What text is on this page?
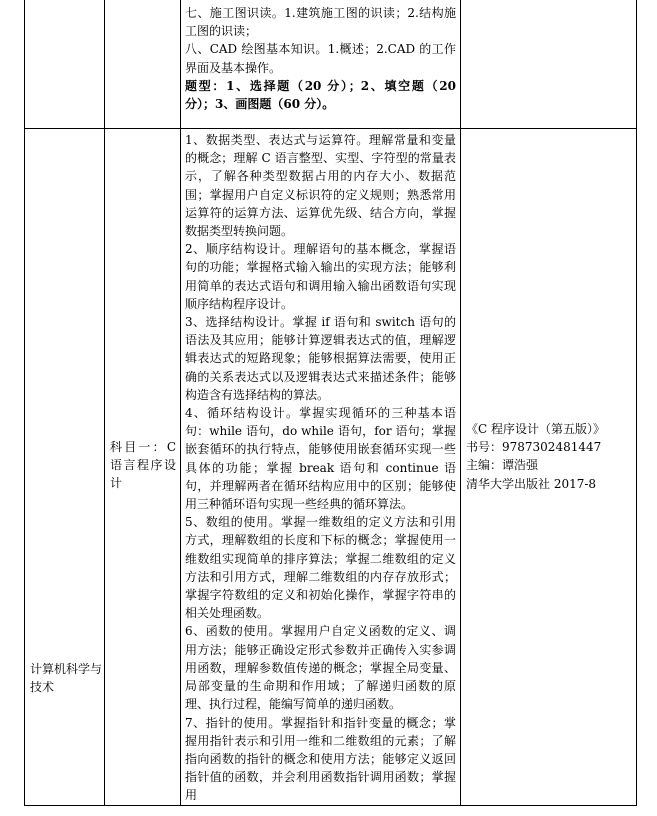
七、施工图识读。1.建筑施工图的识读；2.结构施工图的识读；

八、CAD 绘图基本知识。1.概述；2.CAD 的工作界面及基本操作。

题型：1、选择题（20 分）；2、填空题（20 分）；3、画图题（60 分）。

计算机科学与技术

科目一：C 语言程序设计

1、数据类型、表达式与运算符。理解常量和变量的概念；理解 C 语言整型、实型、字符型的常量表示，了解各种类型数据占用的内存大小、数据范围；掌握用户自定义标识符的定义规则；熟悉常用运算符的运算方法、运算优先级、结合方向，掌握数据类型转换问题。

2、顺序结构设计。理解语句的基本概念，掌握语句的功能；掌握格式输入输出的实现方法；能够利用简单的表达式语句和调用输入输出函数语句实现顺序结构程序设计。

3、选择结构设计。掌握 if 语句和 switch 语句的语法及其应用；能够计算逻辑表达式的值，理解逻辑表达式的短路现象；能够根据算法需要，使用正确的关系表达式以及逻辑表达式来描述条件；能够构造含有选择结构的算法。

4、循环结构设计。掌握实现循环的三种基本语句：while 语句，do while 语句，for 语句；掌握嵌套循环的执行特点，能够使用嵌套循环实现一些具体的功能；掌握 break 语句和 continue 语句，并理解两者在循环结构应用中的区别；能够使用三种循环语句实现一些经典的循环算法。

5、数组的使用。掌握一维数组的定义方法和引用方式，理解数组的长度和下标的概念；掌握使用一维数组实现简单的排序算法；掌握二维数组的定义方法和引用方式，理解二维数组的内存存放形式；掌握字符数组的定义和初始化操作，掌握字符串的相关处理函数。

6、函数的使用。掌握用户自定义函数的定义、调用方法；能够正确设定形式参数并正确传入实参调用函数，理解参数值传递的概念；掌握全局变量、局部变量的生命期和作用域；了解递归函数的原理、执行过程，能编写简单的递归函数。

7、指针的使用。掌握指针和指针变量的概念；掌握用指针表示和引用一维和二维数组的元素；了解指向函数的指针的概念和使用方法；能够定义返回指针值的函数，并会利用函数指针调用函数；掌握用

《C 程序设计（第五版）》

书号：9787302481447

主编：谭浩强

清华大学出版社 2017-8
